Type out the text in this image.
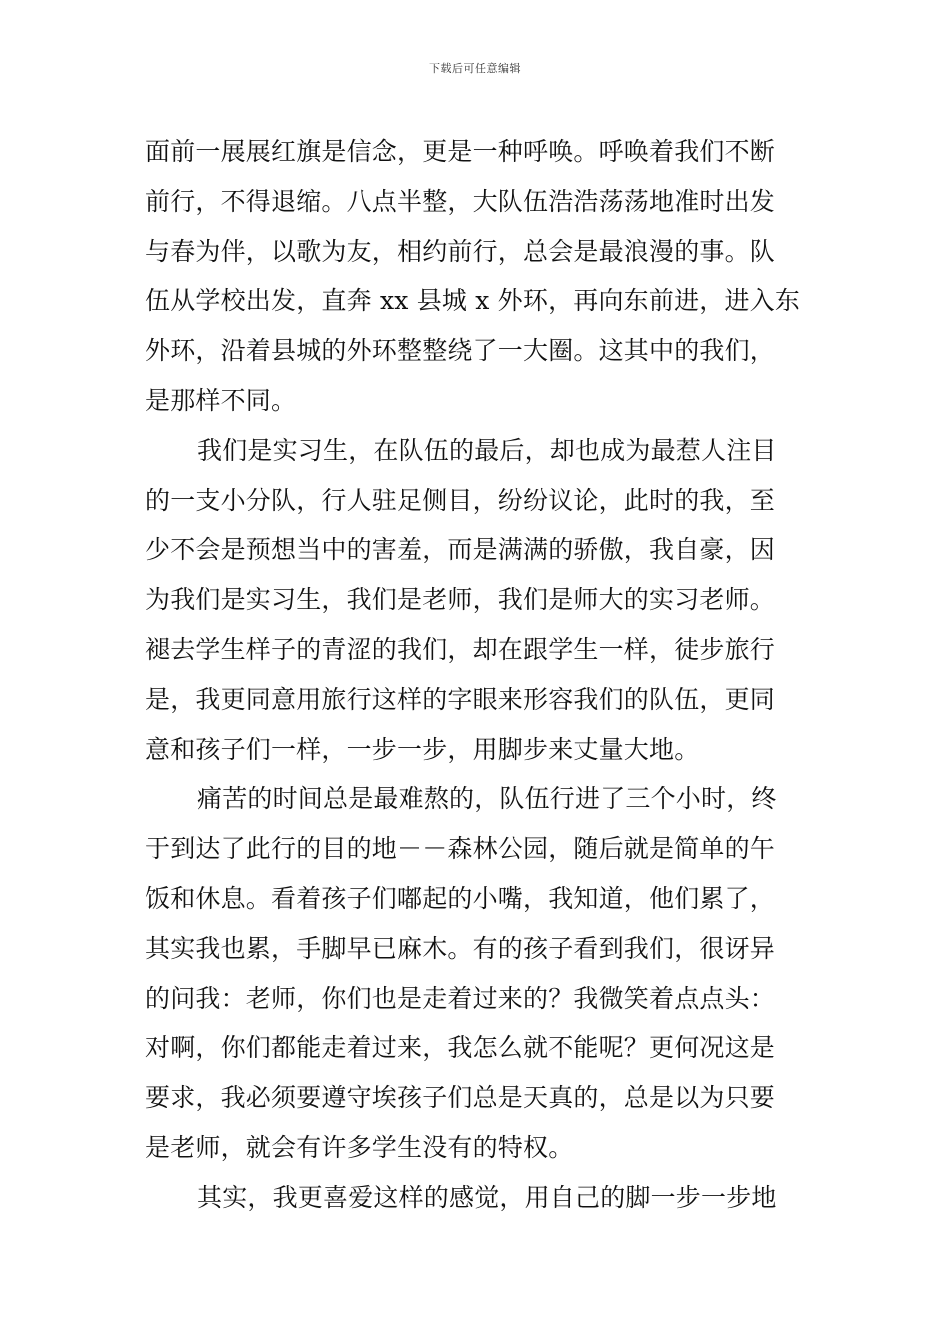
下载后可任意编辑
面前一展展红旗是信念，更是一种呼唤。呼唤着我们不断
前行，不得退缩。八点半整，大队伍浩浩荡荡地准时出发
与春为伴，以歌为友，相约前行，总会是最浪漫的事。队
伍从学校出发，直奔 xx 县城 x 外环，再向东前进，进入东
外环，沿着县城的外环整整绕了一大圈。这其中的我们，
是那样不同。
我们是实习生，在队伍的最后，却也成为最惹人注目
的一支小分队，行人驻足侧目，纷纷议论，此时的我，至
少不会是预想当中的害羞，而是满满的骄傲，我自豪，因
为我们是实习生，我们是老师，我们是师大的实习老师。
褪去学生样子的青涩的我们，却在跟学生一样，徒步旅行
是，我更同意用旅行这样的字眼来形容我们的队伍，更同
意和孩子们一样，一步一步，用脚步来丈量大地。
痛苦的时间总是最难熬的，队伍行进了三个小时，终
于到达了此行的目的地－－森林公园，随后就是简单的午
饭和休息。看着孩子们嘟起的小嘴，我知道，他们累了，
其实我也累，手脚早已麻木。有的孩子看到我们，很讶异
的问我：老师，你们也是走着过来的？我微笑着点点头：
对啊，你们都能走着过来，我怎么就不能呢？更何况这是
要求，我必须要遵守埃孩子们总是天真的，总是以为只要
是老师，就会有许多学生没有的特权。
其实，我更喜爱这样的感觉，用自己的脚一步一步地
